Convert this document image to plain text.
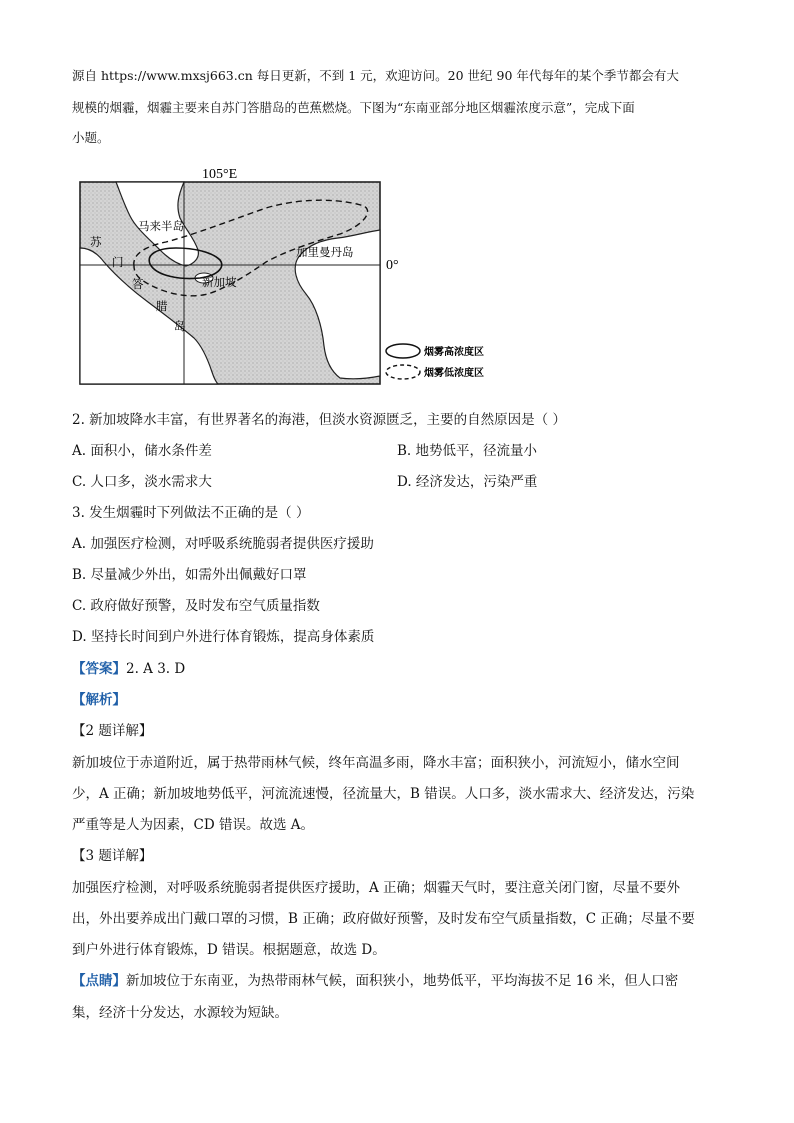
源自 https://www.mxsj663.cn 每日更新，不到 1 元，欢迎访问。20 世纪 90 年代每年的某个季节都会有大
规模的烟霾，烟霾主要来自苏门答腊岛的芭蕉燃烧。下图为“东南亚部分地区烟霾浓度示意”，完成下面
小题。
105°E
0°
马来半岛
苏
门
答
腊
岛
新加坡
加里曼丹岛
烟雾高浓度区
烟雾低浓度区
2. 新加坡降水丰富，有世界著名的海港，但淡水资源匮乏，主要的自然原因是（ ）
A. 面积小，储水条件差	B. 地势低平，径流量小
C. 人口多，淡水需求大	D. 经济发达，污染严重
3. 发生烟霾时下列做法不正确的是（ ）
A. 加强医疗检测，对呼吸系统脆弱者提供医疗援助
B. 尽量减少外出，如需外出佩戴好口罩
C. 政府做好预警，及时发布空气质量指数
D. 坚持长时间到户外进行体育锻炼，提高身体素质
【答案】2. A 3. D
【解析】
【2 题详解】
新加坡位于赤道附近，属于热带雨林气候，终年高温多雨，降水丰富；面积狭小，河流短小，储水空间
少，A 正确；新加坡地势低平，河流流速慢，径流量大，B 错误。人口多，淡水需求大、经济发达，污染
严重等是人为因素，CD 错误。故选 A。
【3 题详解】
加强医疗检测，对呼吸系统脆弱者提供医疗援助，A 正确；烟霾天气时，要注意关闭门窗，尽量不要外
出，外出要养成出门戴口罩的习惯，B 正确；政府做好预警，及时发布空气质量指数，C 正确；尽量不要
到户外进行体育锻炼，D 错误。根据题意，故选 D。
【点睛】新加坡位于东南亚，为热带雨林气候，面积狭小，地势低平，平均海拔不足 16 米，但人口密
集，经济十分发达，水源较为短缺。
